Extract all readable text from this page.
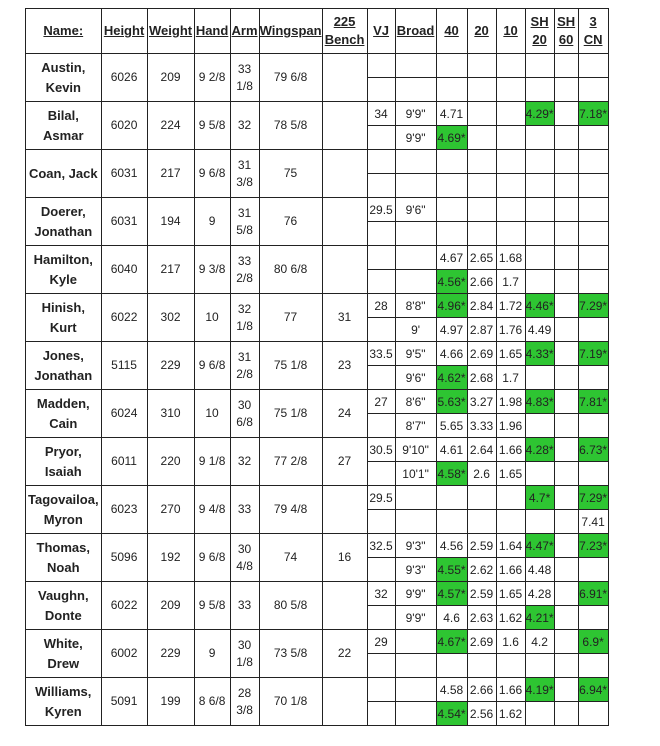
Name:	Height	Weight	Hand	Arm	Wingspan	225 Bench	VJ	Broad	40	20	10	SH 20	SH 60	3 CN
Austin, Kevin	6026	209	9 2/8	33 1/8	79 6/8									

Bilal, Asmar	6020	224	9 5/8	32	78 5/8		34	9'9"	4.71			4.29*		7.18*
								9'9"	4.69*					
Coan, Jack	6031	217	9 6/8	31 3/8	75									

Doerer, Jonathan	6031	194	9	31 5/8	76		29.5	9'6"						

Hamilton, Kyle	6040	217	9 3/8	33 2/8	80 6/8				4.67	2.65	1.68			
									4.56*	2.66	1.7			
Hinish, Kurt	6022	302	10	32 1/8	77	31	28	8'8"	4.96*	2.84	1.72	4.46*		7.29*
								9'	4.97	2.87	1.76	4.49		
Jones, Jonathan	5115	229	9 6/8	31 2/8	75 1/8	23	33.5	9'5"	4.66	2.69	1.65	4.33*		7.19*
								9'6"	4.62*	2.68	1.7			
Madden, Cain	6024	310	10	30 6/8	75 1/8	24	27	8'6"	5.63*	3.27	1.98	4.83*		7.81*
								8'7"	5.65	3.33	1.96			
Pryor, Isaiah	6011	220	9 1/8	32	77 2/8	27	30.5	9'10"	4.61	2.64	1.66	4.28*		6.73*
								10'1"	4.58*	2.6	1.65			
Tagovailoa, Myron	6023	270	9 4/8	33	79 4/8		29.5					4.7*		7.29*
														7.41
Thomas, Noah	5096	192	9 6/8	30 4/8	74	16	32.5	9'3"	4.56	2.59	1.64	4.47*		7.23*
								9'3"	4.55*	2.62	1.66	4.48		
Vaughn, Donte	6022	209	9 5/8	33	80 5/8		32	9'9"	4.57*	2.59	1.65	4.28		6.91*
								9'9"	4.6	2.63	1.62	4.21*		
White, Drew	6002	229	9	30 1/8	73 5/8	22	29		4.67*	2.69	1.6	4.2		6.9*

Williams, Kyren	5091	199	8 6/8	28 3/8	70 1/8				4.58	2.66	1.66	4.19*		6.94*
									4.54*	2.56	1.62			
